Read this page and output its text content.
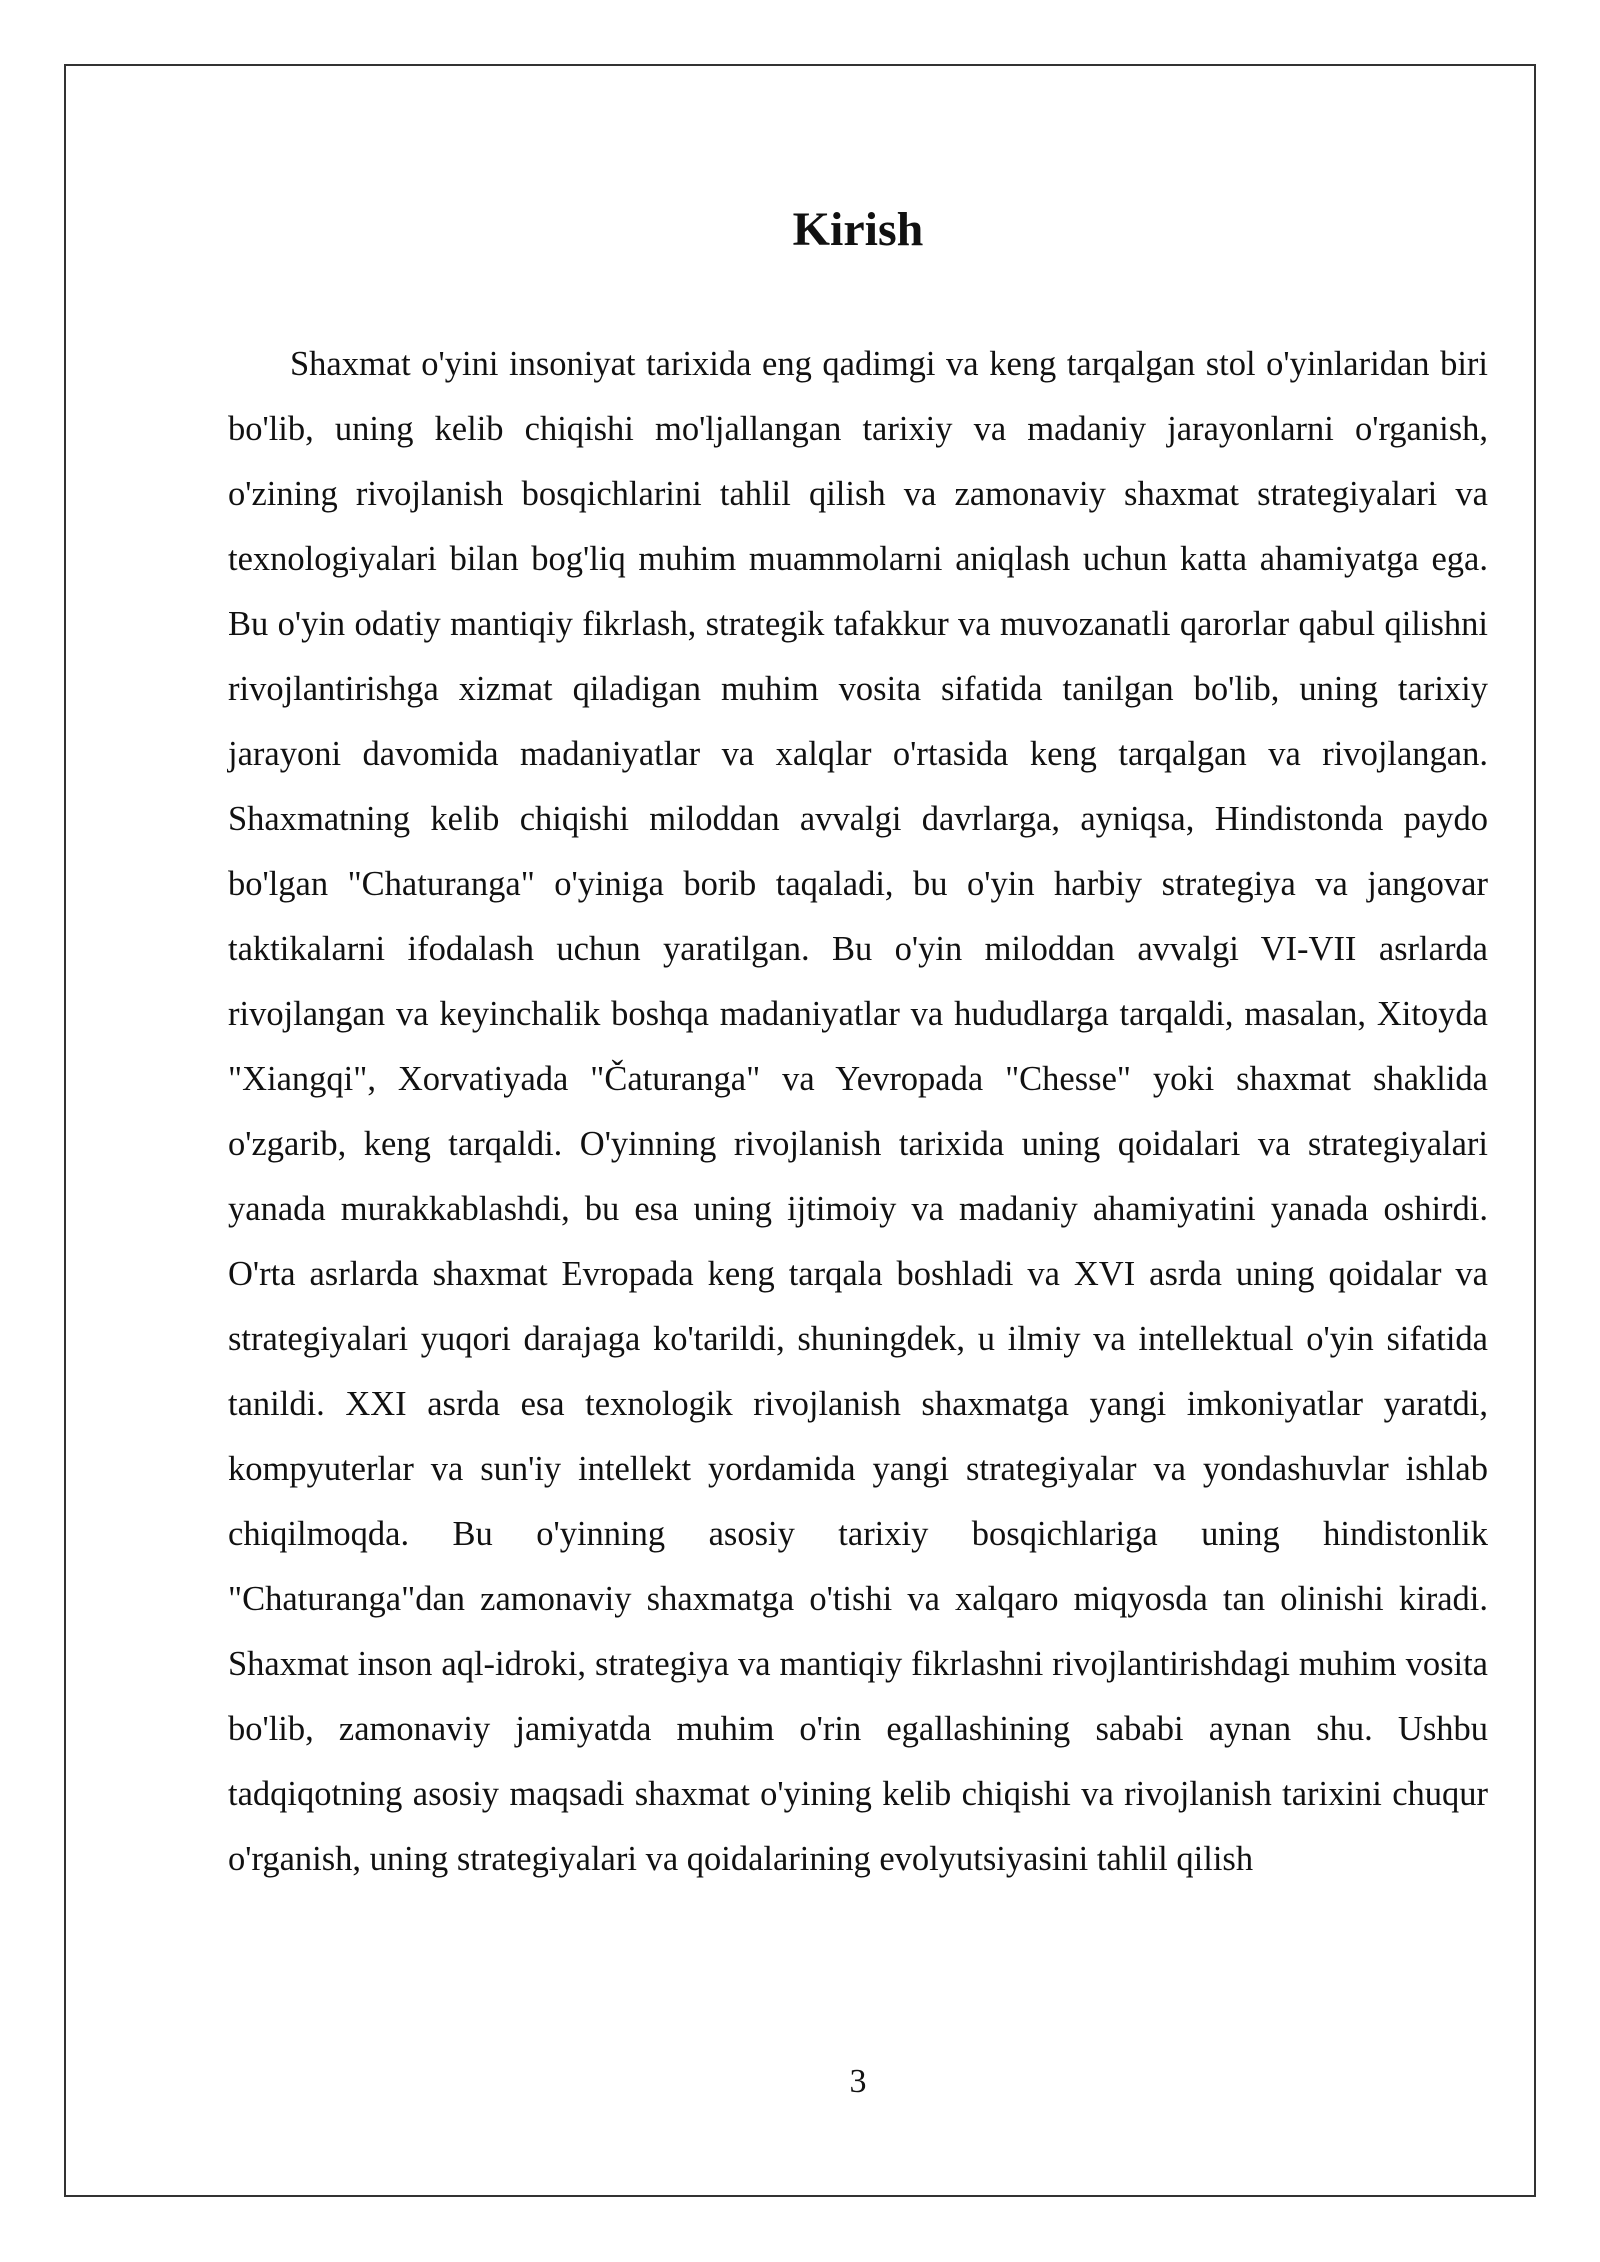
Kirish

Shaxmat o'yini insoniyat tarixida eng qadimgi va keng tarqalgan stol o'yinlaridan biri bo'lib, uning kelib chiqishi mo'ljallangan tarixiy va madaniy jarayonlarni o'rganish, o'zining rivojlanish bosqichlarini tahlil qilish va zamonaviy shaxmat strategiyalari va texnologiyalari bilan bog'liq muhim muammolarni aniqlash uchun katta ahamiyatga ega. Bu o'yin odatiy mantiqiy fikrlash, strategik tafakkur va muvozanatli qarorlar qabul qilishni rivojlantirishga xizmat qiladigan muhim vosita sifatida tanilgan bo'lib, uning tarixiy jarayoni davomida madaniyatlar va xalqlar o'rtasida keng tarqalgan va rivojlangan. Shaxmatning kelib chiqishi miloddan avvalgi davrlarga, ayniqsa, Hindistonda paydo bo'lgan "Chaturanga" o'yiniga borib taqaladi, bu o'yin harbiy strategiya va jangovar taktikalarni ifodalash uchun yaratilgan. Bu o'yin miloddan avvalgi VI-VII asrlarda rivojlangan va keyinchalik boshqa madaniyatlar va hududlarga tarqaldi, masalan, Xitoyda "Xiangqi", Xorvatiyada "Čaturanga" va Yevropada "Chesse" yoki shaxmat shaklida o'zgarib, keng tarqaldi. O'yinning rivojlanish tarixida uning qoidalari va strategiyalari yanada murakkablashdi, bu esa uning ijtimoiy va madaniy ahamiyatini yanada oshirdi. O'rta asrlarda shaxmat Evropada keng tarqala boshladi va XVI asrda uning qoidalar va strategiyalari yuqori darajaga ko'tarildi, shuningdek, u ilmiy va intellektual o'yin sifatida tanildi. XXI asrda esa texnologik rivojlanish shaxmatga yangi imkoniyatlar yaratdi, kompyuterlar va sun'iy intellekt yordamida yangi strategiyalar va yondashuvlar ishlab chiqilmoqda. Bu o'yinning asosiy tarixiy bosqichlariga uning hindistonlik "Chaturanga"dan zamonaviy shaxmatga o'tishi va xalqaro miqyosda tan olinishi kiradi. Shaxmat inson aql-idroki, strategiya va mantiqiy fikrlashni rivojlantirishdagi muhim vosita bo'lib, zamonaviy jamiyatda muhim o'rin egallashining sababi aynan shu. Ushbu tadqiqotning asosiy maqsadi shaxmat o'yining kelib chiqishi va rivojlanish tarixini chuqur o'rganish, uning strategiyalari va qoidalarining evolyutsiyasini tahlil qilish

3
